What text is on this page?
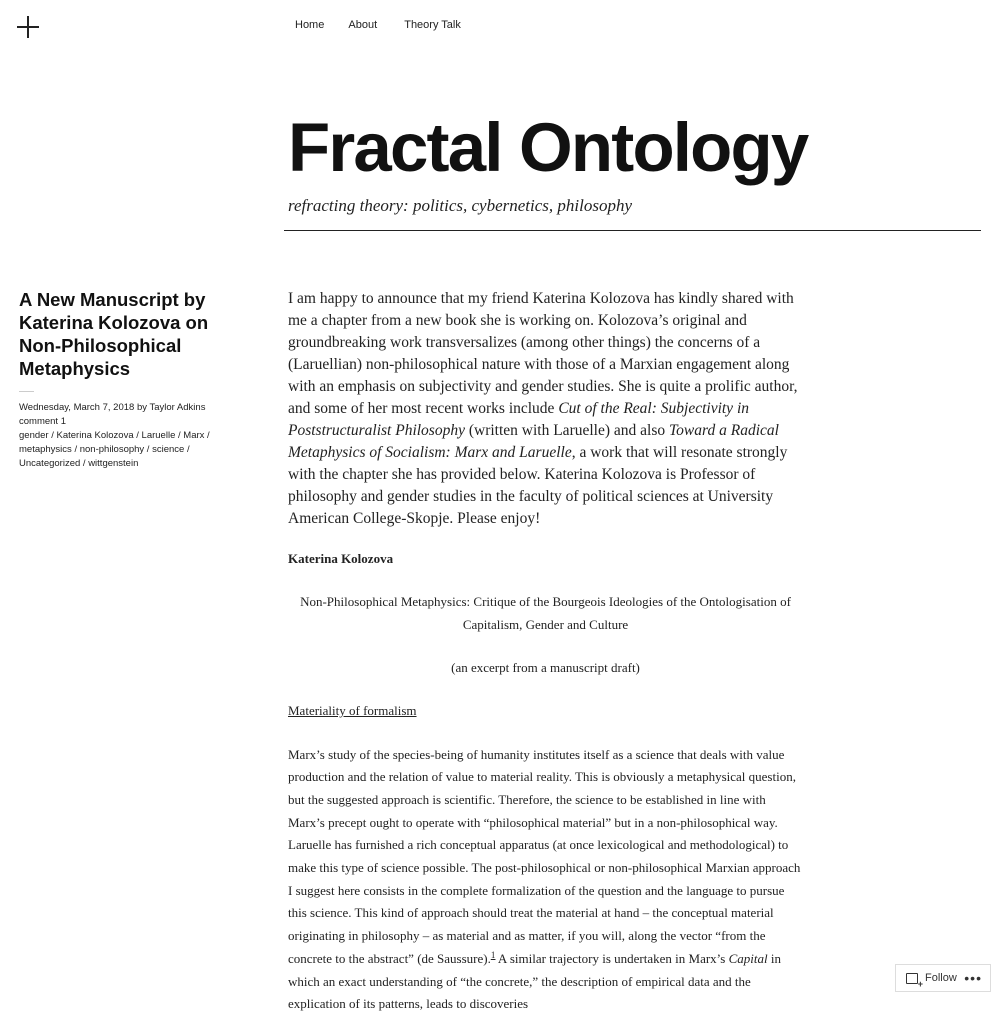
Home About Theory Talk
Fractal Ontology

refracting theory: politics, cybernetics, philosophy

A New Manuscript by Katerina Kolozova on Non-Philosophical Metaphysics
Wednesday, March 7, 2018 by Taylor Adkins
comment 1
gender / Katerina Kolozova / Laruelle / Marx / metaphysics / non-philosophy / science / Uncategorized / wittgenstein

I am happy to announce that my friend Katerina Kolozova has kindly shared with me a chapter from a new book she is working on. Kolozova’s original and groundbreaking work transversalizes (among other things) the concerns of a (Laruellian) non-philosophical nature with those of a Marxian engagement along with an emphasis on subjectivity and gender studies. She is quite a prolific author, and some of her most recent works include Cut of the Real: Subjectivity in Poststructuralist Philosophy (written with Laruelle) and also Toward a Radical Metaphysics of Socialism: Marx and Laruelle, a work that will resonate strongly with the chapter she has provided below. Katerina Kolozova is Professor of philosophy and gender studies in the faculty of political sciences at University American College-Skopje. Please enjoy!

Katerina Kolozova

Non-Philosophical Metaphysics: Critique of the Bourgeois Ideologies of the Ontologisation of Capitalism, Gender and Culture

(an excerpt from a manuscript draft)

Materiality of formalism

Marx’s study of the species-being of humanity institutes itself as a science that deals with value production and the relation of value to material reality. This is obviously a metaphysical question, but the suggested approach is scientific. Therefore, the science to be established in line with Marx’s precept ought to operate with “philosophical material” but in a non-philosophical way. Laruelle has furnished a rich conceptual apparatus (at once lexicological and methodological) to make this type of science possible. The post-philosophical or non-philosophical Marxian approach I suggest here consists in the complete formalization of the question and the language to pursue this science. This kind of approach should treat the material at hand – the conceptual material originating in philosophy – as material and as matter, if you will, along the vector “from the concrete to the abstract” (de Saussure).$^1$ A similar trajectory is undertaken in Marx’s Capital in which an exact understanding of “the concrete,” the description of empirical data and the explication of its patterns, leads to discoveries

+
Follow •••
